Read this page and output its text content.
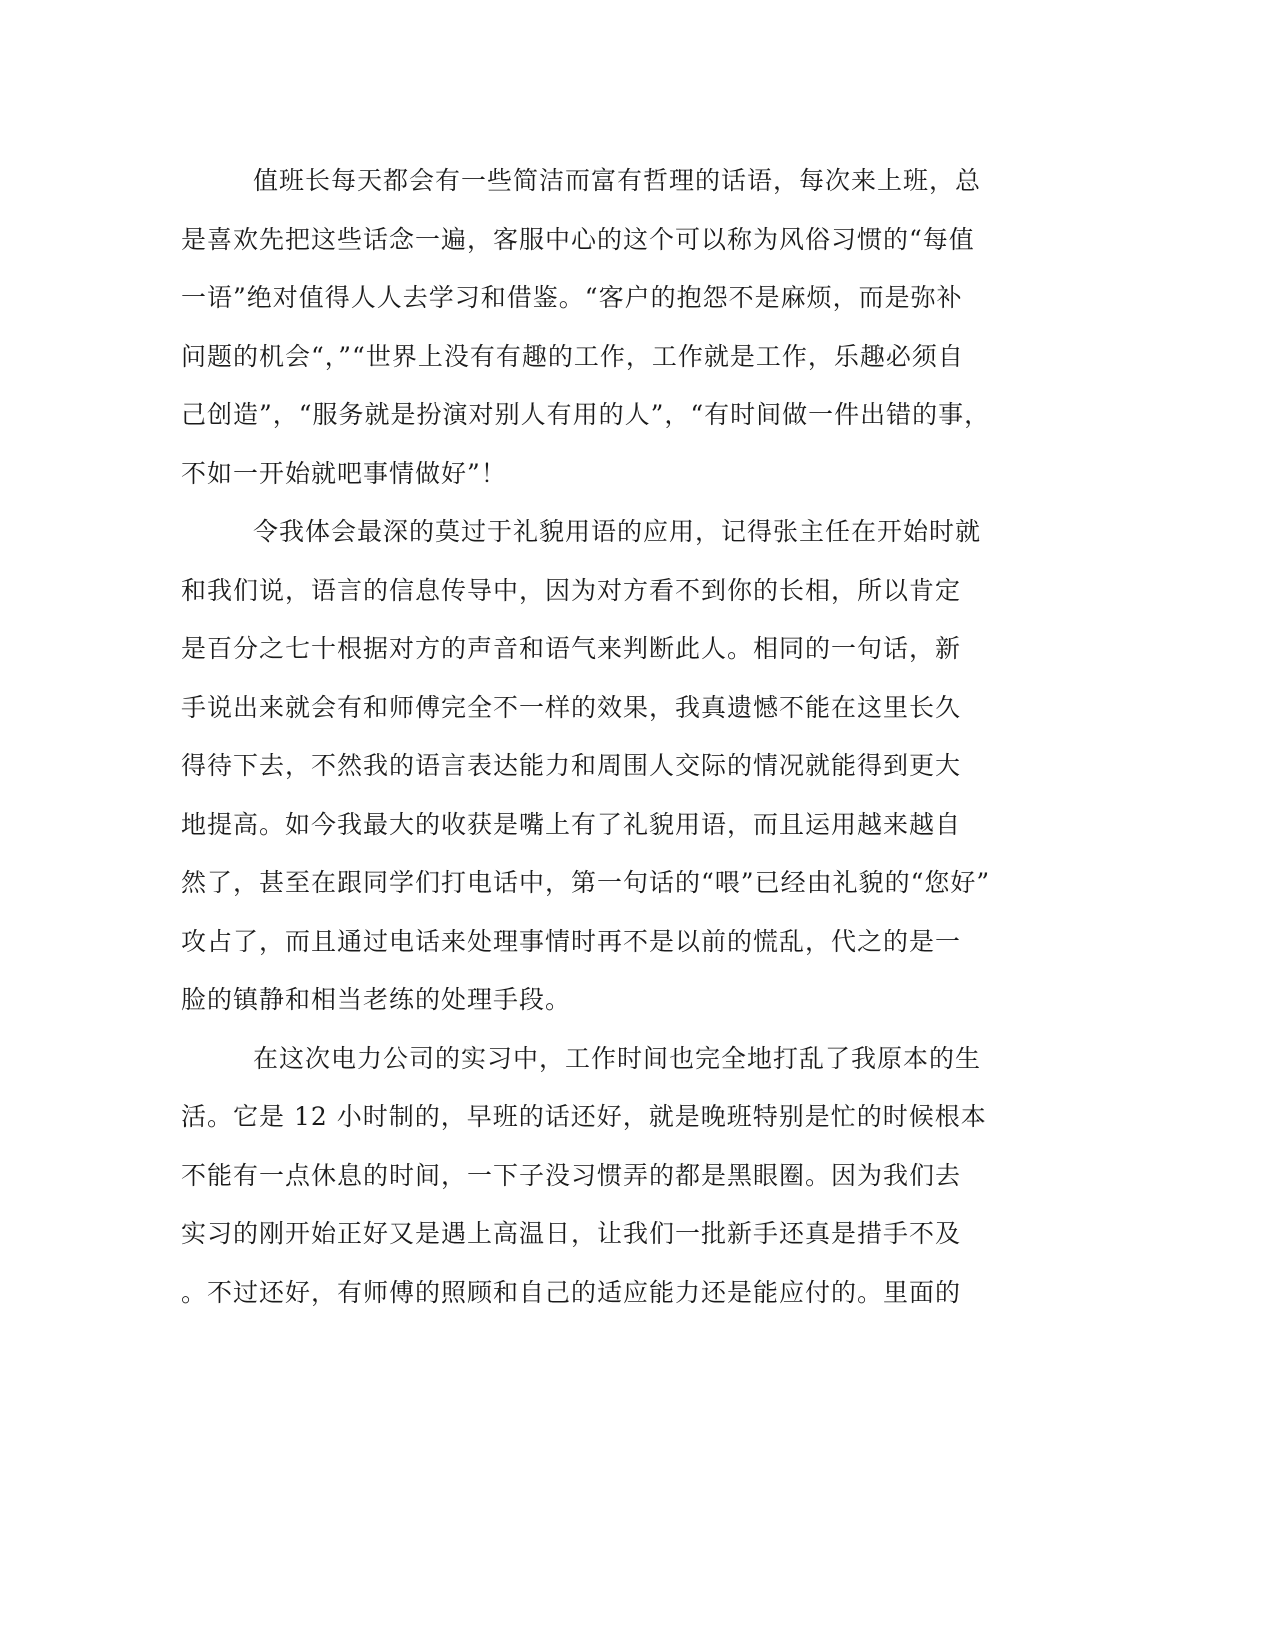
值班长每天都会有一些简洁而富有哲理的话语，每次来上班，总
是喜欢先把这些话念一遍，客服中心的这个可以称为风俗习惯的“每值
一语”绝对值得人人去学习和借鉴。“客户的抱怨不是麻烦，而是弥补
问题的机会“，”“世界上没有有趣的工作，工作就是工作，乐趣必须自
己创造”，“服务就是扮演对别人有用的人”，“有时间做一件出错的事，
不如一开始就吧事情做好”！
令我体会最深的莫过于礼貌用语的应用，记得张主任在开始时就
和我们说，语言的信息传导中，因为对方看不到你的长相，所以肯定
是百分之七十根据对方的声音和语气来判断此人。相同的一句话，新
手说出来就会有和师傅完全不一样的效果，我真遗憾不能在这里长久
得待下去，不然我的语言表达能力和周围人交际的情况就能得到更大
地提高。如今我最大的收获是嘴上有了礼貌用语，而且运用越来越自
然了，甚至在跟同学们打电话中，第一句话的“喂”已经由礼貌的“您好”
攻占了，而且通过电话来处理事情时再不是以前的慌乱，代之的是一
脸的镇静和相当老练的处理手段。
在这次电力公司的实习中，工作时间也完全地打乱了我原本的生
活。它是 12 小时制的，早班的话还好，就是晚班特别是忙的时候根本
不能有一点休息的时间，一下子没习惯弄的都是黑眼圈。因为我们去
实习的刚开始正好又是遇上高温日，让我们一批新手还真是措手不及
。不过还好，有师傅的照顾和自己的适应能力还是能应付的。里面的
